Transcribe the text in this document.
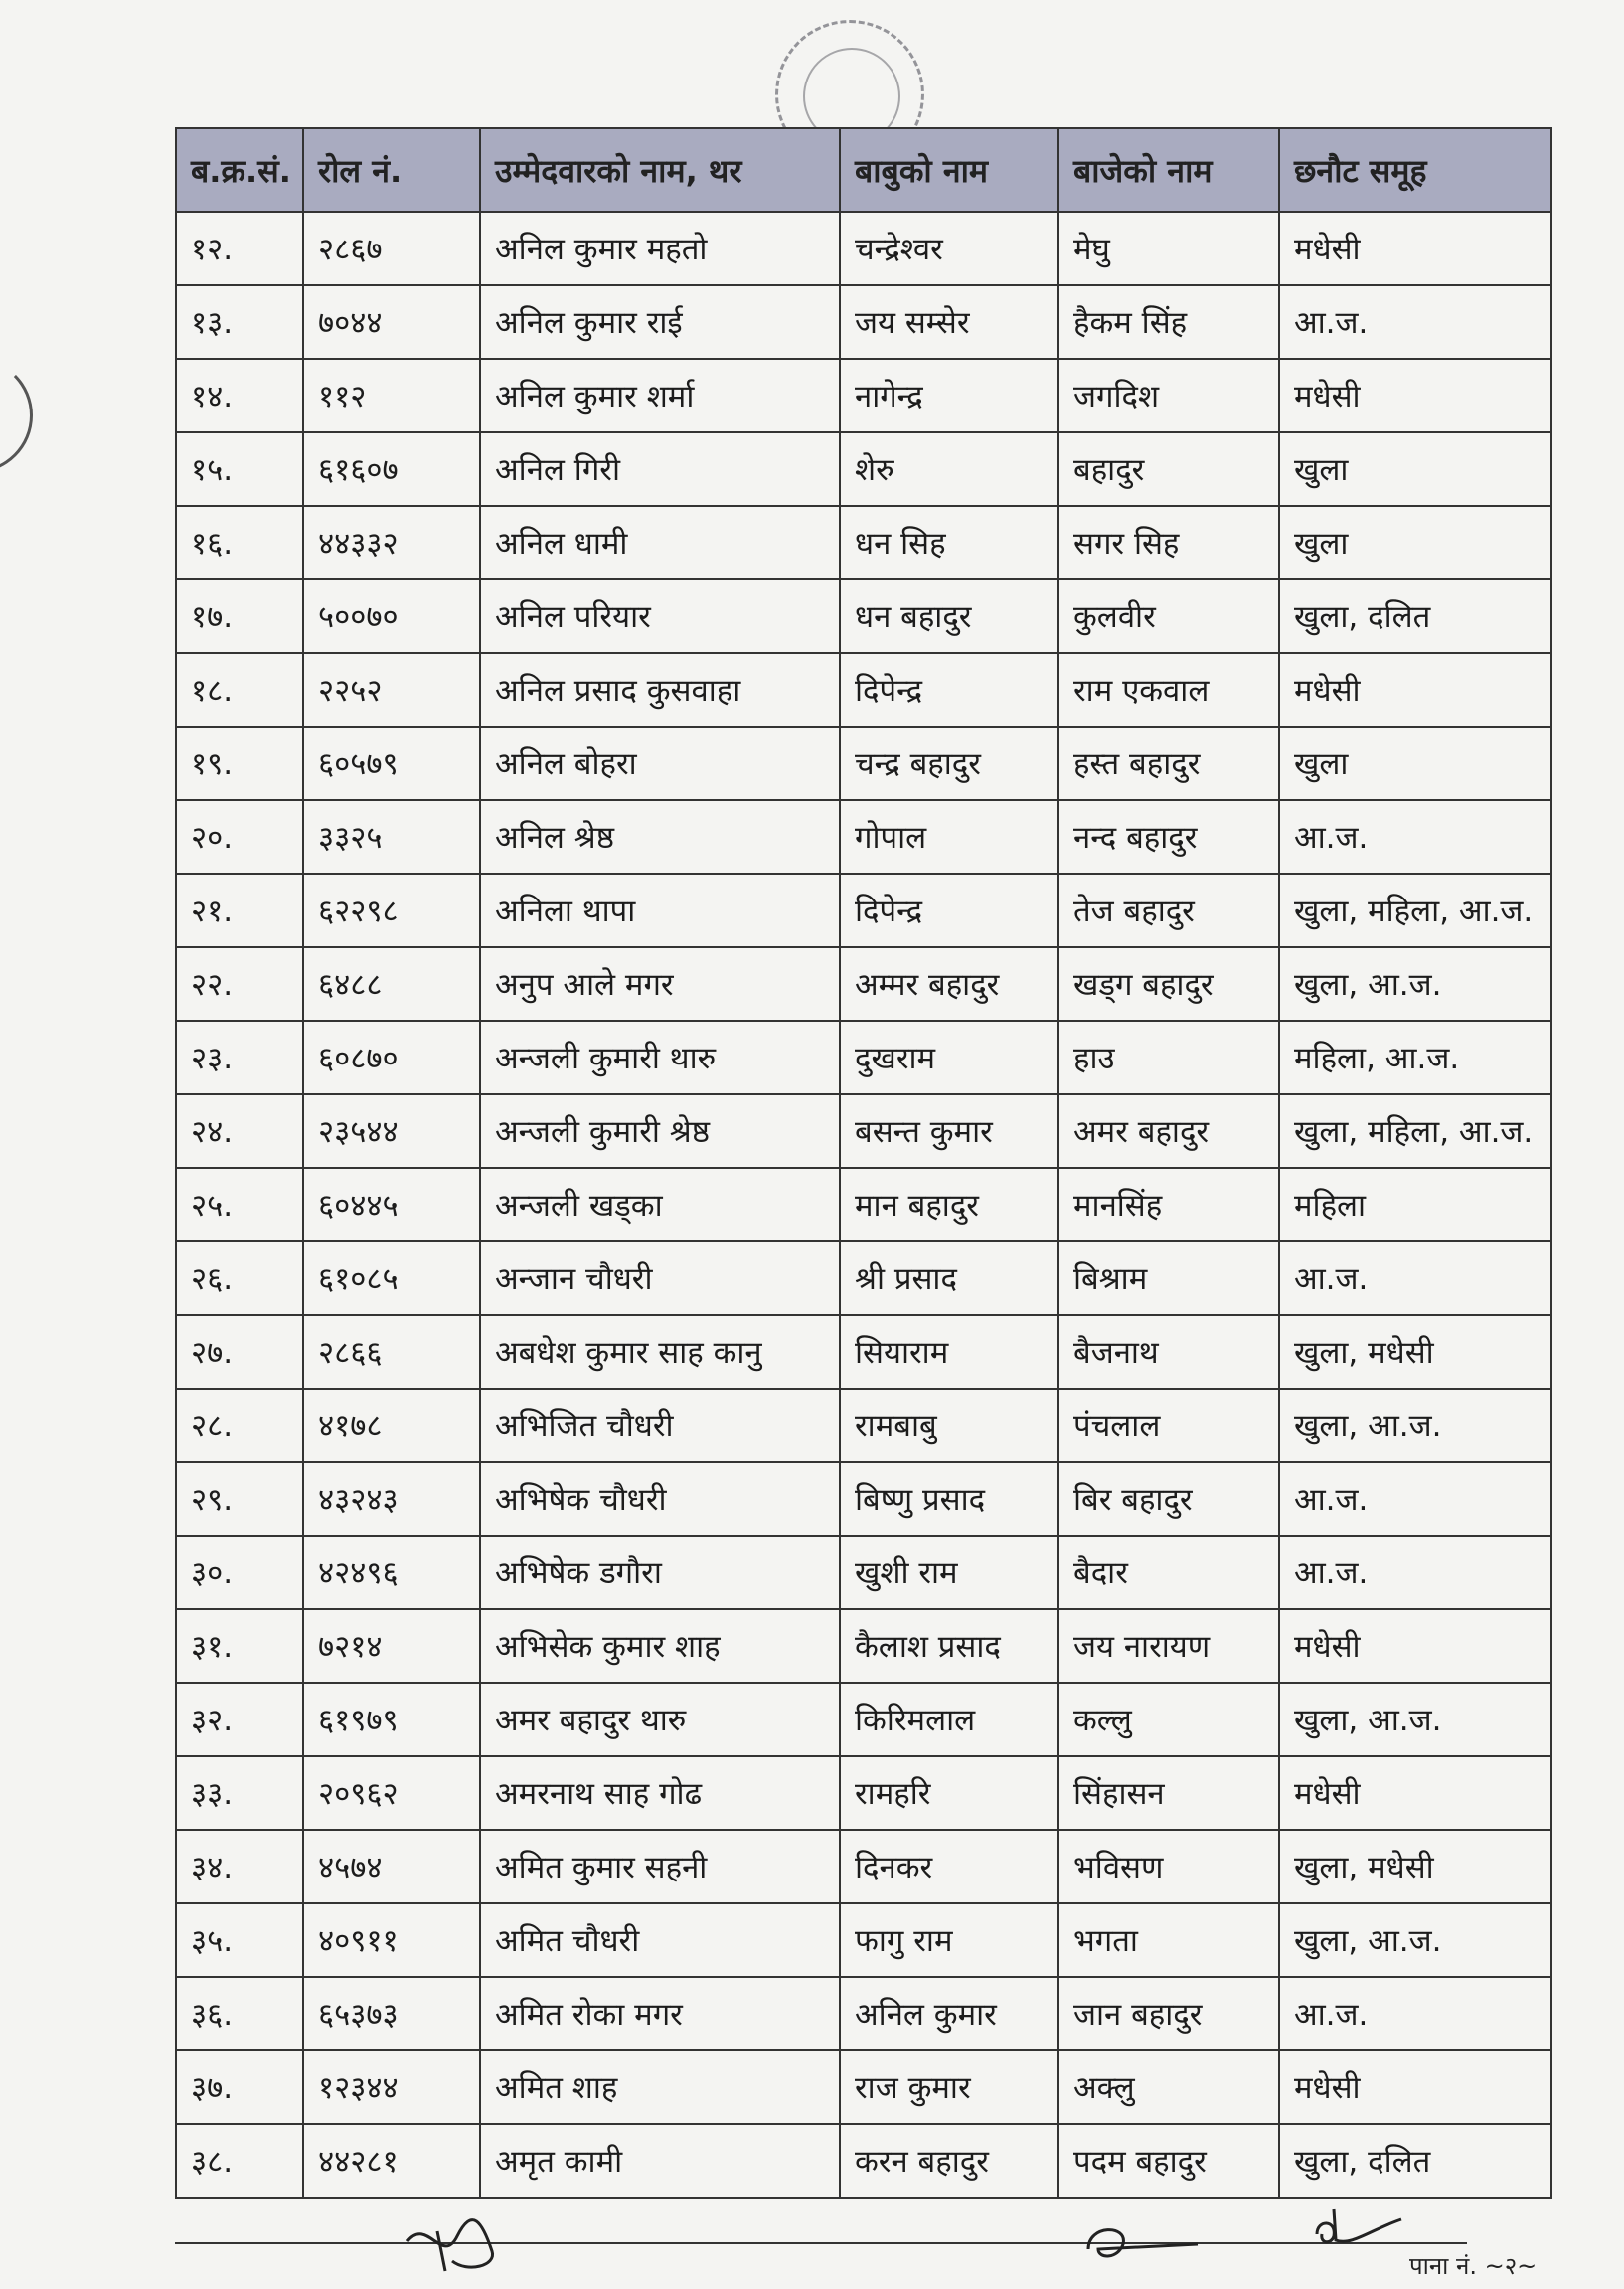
ब.क्र.सं.	रोल नं.	उम्मेदवारको नाम, थर	बाबुको नाम	बाजेको नाम	छनौट समूह
१२.	२८६७	अनिल कुमार महतो	चन्द्रेश्वर	मेघु	मधेसी
१३.	७०४४	अनिल कुमार राई	जय सम्सेर	हैकम सिंह	आ.ज.
१४.	११२	अनिल कुमार शर्मा	नागेन्द्र	जगदिश	मधेसी
१५.	६१६०७	अनिल गिरी	शेरु	बहादुर	खुला
१६.	४४३३२	अनिल धामी	धन सिह	सगर सिह	खुला
१७.	५००७०	अनिल परियार	धन बहादुर	कुलवीर	खुला, दलित
१८.	२२५२	अनिल प्रसाद कुसवाहा	दिपेन्द्र	राम एकवाल	मधेसी
१९.	६०५७९	अनिल बोहरा	चन्द्र बहादुर	हस्त बहादुर	खुला
२०.	३३२५	अनिल श्रेष्ठ	गोपाल	नन्द बहादुर	आ.ज.
२१.	६२२९८	अनिला थापा	दिपेन्द्र	तेज बहादुर	खुला, महिला, आ.ज.
२२.	६४८८	अनुप आले मगर	अम्मर बहादुर	खड्ग बहादुर	खुला, आ.ज.
२३.	६०८७०	अन्जली कुमारी थारु	दुखराम	हाउ	महिला, आ.ज.
२४.	२३५४४	अन्जली कुमारी श्रेष्ठ	बसन्त कुमार	अमर बहादुर	खुला, महिला, आ.ज.
२५.	६०४४५	अन्जली खड्का	मान बहादुर	मानसिंह	महिला
२६.	६१०८५	अन्जान चौधरी	श्री प्रसाद	बिश्राम	आ.ज.
२७.	२८६६	अबधेश कुमार साह कानु	सियाराम	बैजनाथ	खुला, मधेसी
२८.	४१७८	अभिजित चौधरी	रामबाबु	पंचलाल	खुला, आ.ज.
२९.	४३२४३	अभिषेक चौधरी	बिष्णु प्रसाद	बिर बहादुर	आ.ज.
३०.	४२४९६	अभिषेक डगौरा	खुशी राम	बैदार	आ.ज.
३१.	७२१४	अभिसेक कुमार शाह	कैलाश प्रसाद	जय नारायण	मधेसी
३२.	६१९७९	अमर बहादुर थारु	किरिमलाल	कल्लु	खुला, आ.ज.
३३.	२०९६२	अमरनाथ साह गोढ	रामहरि	सिंहासन	मधेसी
३४.	४५७४	अमित कुमार सहनी	दिनकर	भविसण	खुला, मधेसी
३५.	४०९११	अमित चौधरी	फागु राम	भगता	खुला, आ.ज.
३६.	६५३७३	अमित रोका मगर	अनिल कुमार	जान बहादुर	आ.ज.
३७.	१२३४४	अमित शाह	राज कुमार	अक्लु	मधेसी
३८.	४४२८१	अमृत कामी	करन बहादुर	पदम बहादुर	खुला, दलित
पाना नं. ~२~
